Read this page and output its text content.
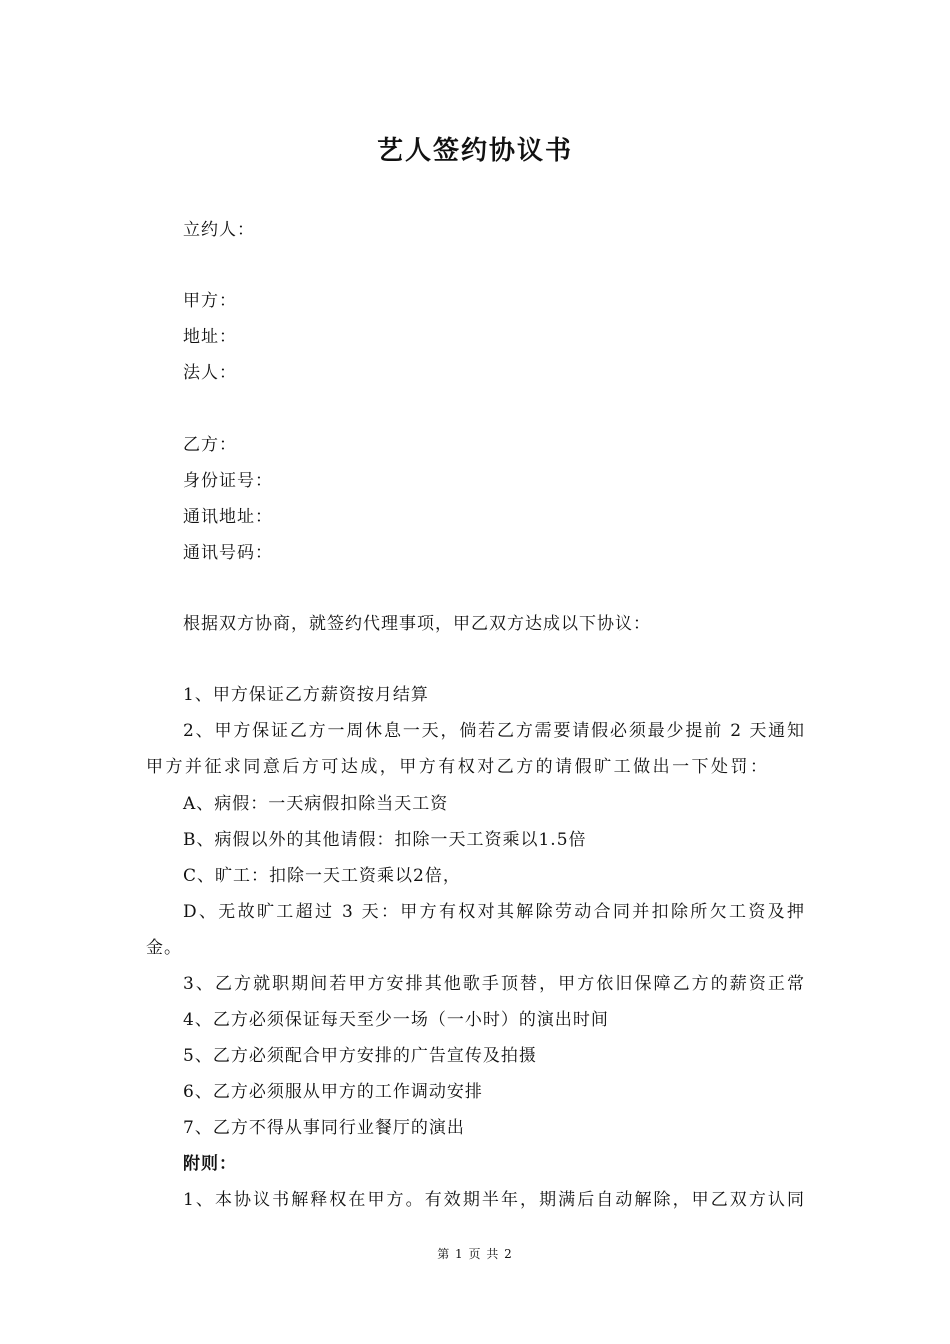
艺人签约协议书
立约人：
甲方：
地址：
法人：
乙方：
身份证号：
通讯地址：
通讯号码：
根据双方协商，就签约代理事项，甲乙双方达成以下协议：
1、甲方保证乙方薪资按月结算
2、甲方保证乙方一周休息一天，倘若乙方需要请假必须最少提前 2 天通知
甲方并征求同意后方可达成，甲方有权对乙方的请假旷工做出一下处罚：
A、病假：一天病假扣除当天工资
B、病假以外的其他请假：扣除一天工资乘以1.5倍
C、旷工：扣除一天工资乘以2倍，
D、无故旷工超过 3 天：甲方有权对其解除劳动合同并扣除所欠工资及押
金。
3、乙方就职期间若甲方安排其他歌手顶替，甲方依旧保障乙方的薪资正常
4、乙方必须保证每天至少一场（一小时）的演出时间
5、乙方必须配合甲方安排的广告宣传及拍摄
6、乙方必须服从甲方的工作调动安排
7、乙方不得从事同行业餐厅的演出
附则：
1、本协议书解释权在甲方。有效期半年，期满后自动解除，甲乙双方认同
第 1 页 共 2
